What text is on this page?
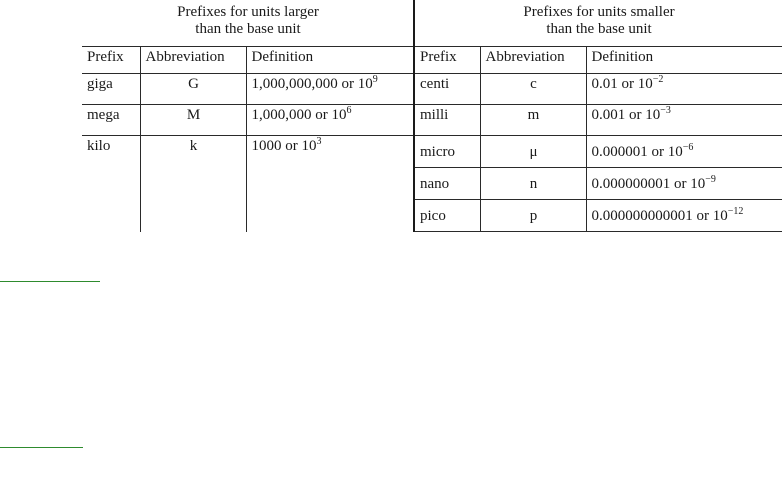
Prefixes for units larger
than the base unit			Prefixes for units smaller
than the base unit		
Prefix	Abbreviation	Definition	Prefix	Abbreviation	Definition
giga	G	1,000,000,000 or $10^9$	centi	c	0.01 or $10^{-2}$
mega	M	1,000,000 or $10^6$	milli	m	0.001 or $10^{-3}$
kilo	k	1000 or $10^3$	micro	μ	0.000001 or $10^{-6}$
			nano	n	0.000000001 or $10^{-9}$
			pico	p	0.000000000001 or $10^{-12}$
